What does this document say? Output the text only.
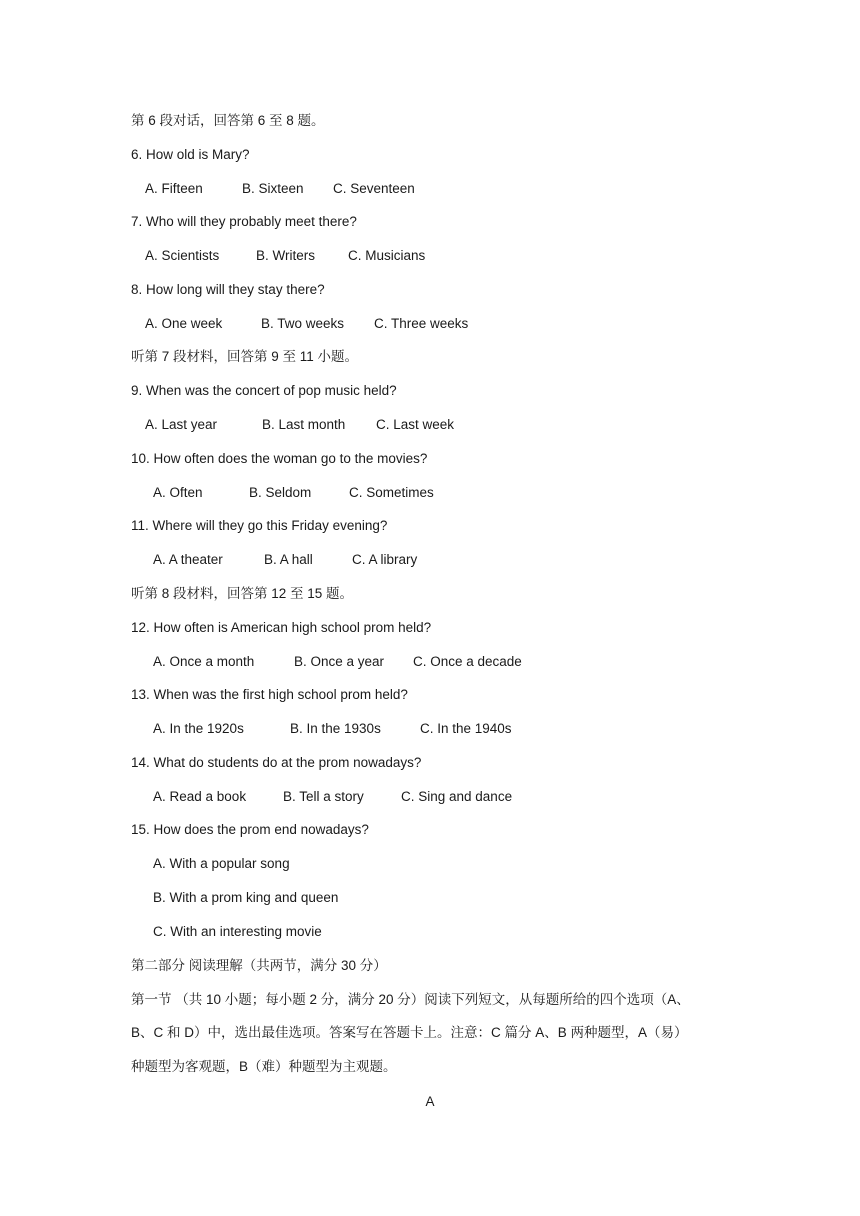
第 6 段对话，回答第 6 至 8 题。
6. How old is Mary?
A. Fifteen	B. Sixteen C. Seventeen
7. Who will they probably meet there?
A. Scientists	B. Writers C. Musicians
8. How long will they stay there?
A. One week	B. Two weeks C. Three weeks
听第 7 段材料，回答第 9 至 11 小题。
9. When was the concert of pop music held?
A. Last year	B. Last month C. Last week
10. How often does the woman go to the movies?
A. Often	B. Seldom	C. Sometimes
11. Where will they go this Friday evening?
A. A theater	B. A hall	C. A library
听第 8 段材料，回答第 12 至 15 题。
12. How often is American high school prom held?
A. Once a month	B. Once a year C. Once a decade
13. When was the first high school prom held?
A. In the 1920s	B. In the 1930s	C. In the 1940s
14. What do students do at the prom nowadays?
A. Read a book	B. Tell a story	C. Sing and dance
15. How does the prom end nowadays?
A. With a popular song
B. With a prom king and queen
C. With an interesting movie
第二部分 阅读理解（共两节，满分 30 分）
第一节 （共 10 小题；每小题 2 分，满分 20 分）阅读下列短文，从每题所给的四个选项（A、
B、C 和 D）中，选出最佳选项。答案写在答题卡上。注意：C 篇分 A、B 两种题型，A（易）
种题型为客观题，B（难）种题型为主观题。
A
